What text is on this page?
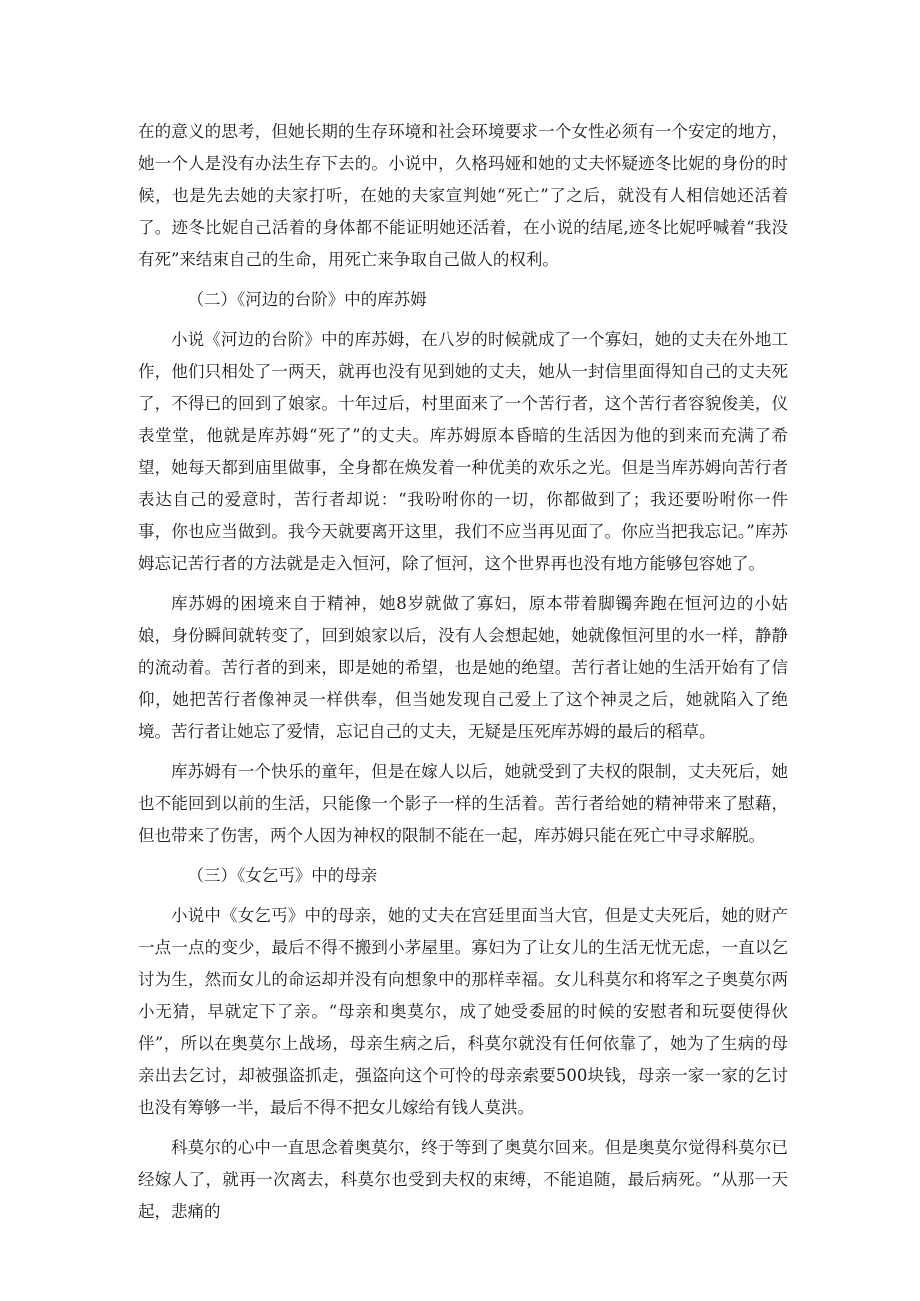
在的意义的思考，但她长期的生存环境和社会环境要求一个女性必须有一个安定的地方，她一个人是没有办法生存下去的。小说中，久格玛娅和她的丈夫怀疑迹冬比妮的身份的时候，也是先去她的夫家打听，在她的夫家宣判她“死亡”了之后，就没有人相信她还活着了。迹冬比妮自己活着的身体都不能证明她还活着，在小说的结尾,迹冬比妮呼喊着“我没有死”来结束自己的生命，用死亡来争取自己做人的权利。

（二）《河边的台阶》中的库苏姆

小说《河边的台阶》中的库苏姆，在八岁的时候就成了一个寡妇，她的丈夫在外地工作，他们只相处了一两天，就再也没有见到她的丈夫，她从一封信里面得知自己的丈夫死了，不得已的回到了娘家。十年过后，村里面来了一个苦行者，这个苦行者容貌俊美，仪表堂堂，他就是库苏姆“死了”的丈夫。库苏姆原本昏暗的生活因为他的到来而充满了希望，她每天都到庙里做事，全身都在焕发着一种优美的欢乐之光。但是当库苏姆向苦行者表达自己的爱意时，苦行者却说：“我吩咐你的一切，你都做到了；我还要吩咐你一件事，你也应当做到。我今天就要离开这里，我们不应当再见面了。你应当把我忘记。”库苏姆忘记苦行者的方法就是走入恒河，除了恒河，这个世界再也没有地方能够包容她了。

库苏姆的困境来自于精神，她8岁就做了寡妇，原本带着脚镯奔跑在恒河边的小姑娘，身份瞬间就转变了，回到娘家以后，没有人会想起她，她就像恒河里的水一样，静静的流动着。苦行者的到来，即是她的希望，也是她的绝望。苦行者让她的生活开始有了信仰，她把苦行者像神灵一样供奉，但当她发现自己爱上了这个神灵之后，她就陷入了绝境。苦行者让她忘了爱情，忘记自己的丈夫，无疑是压死库苏姆的最后的稻草。

库苏姆有一个快乐的童年，但是在嫁人以后，她就受到了夫权的限制，丈夫死后，她也不能回到以前的生活，只能像一个影子一样的生活着。苦行者给她的精神带来了慰藉，但也带来了伤害，两个人因为神权的限制不能在一起，库苏姆只能在死亡中寻求解脱。

（三）《女乞丐》中的母亲

小说中《女乞丐》中的母亲，她的丈夫在宫廷里面当大官，但是丈夫死后，她的财产一点一点的变少，最后不得不搬到小茅屋里。寡妇为了让女儿的生活无忧无虑，一直以乞讨为生，然而女儿的命运却并没有向想象中的那样幸福。女儿科莫尔和将军之子奥莫尔两小无猜，早就定下了亲。“母亲和奥莫尔，成了她受委屈的时候的安慰者和玩耍使得伙伴”，所以在奥莫尔上战场，母亲生病之后，科莫尔就没有任何依靠了，她为了生病的母亲出去乞讨，却被强盗抓走，强盗向这个可怜的母亲索要500块钱，母亲一家一家的乞讨也没有筹够一半，最后不得不把女儿嫁给有钱人莫洪。

科莫尔的心中一直思念着奥莫尔，终于等到了奥莫尔回来。但是奥莫尔觉得科莫尔已经嫁人了，就再一次离去，科莫尔也受到夫权的束缚，不能追随，最后病死。“从那一天起，悲痛的
